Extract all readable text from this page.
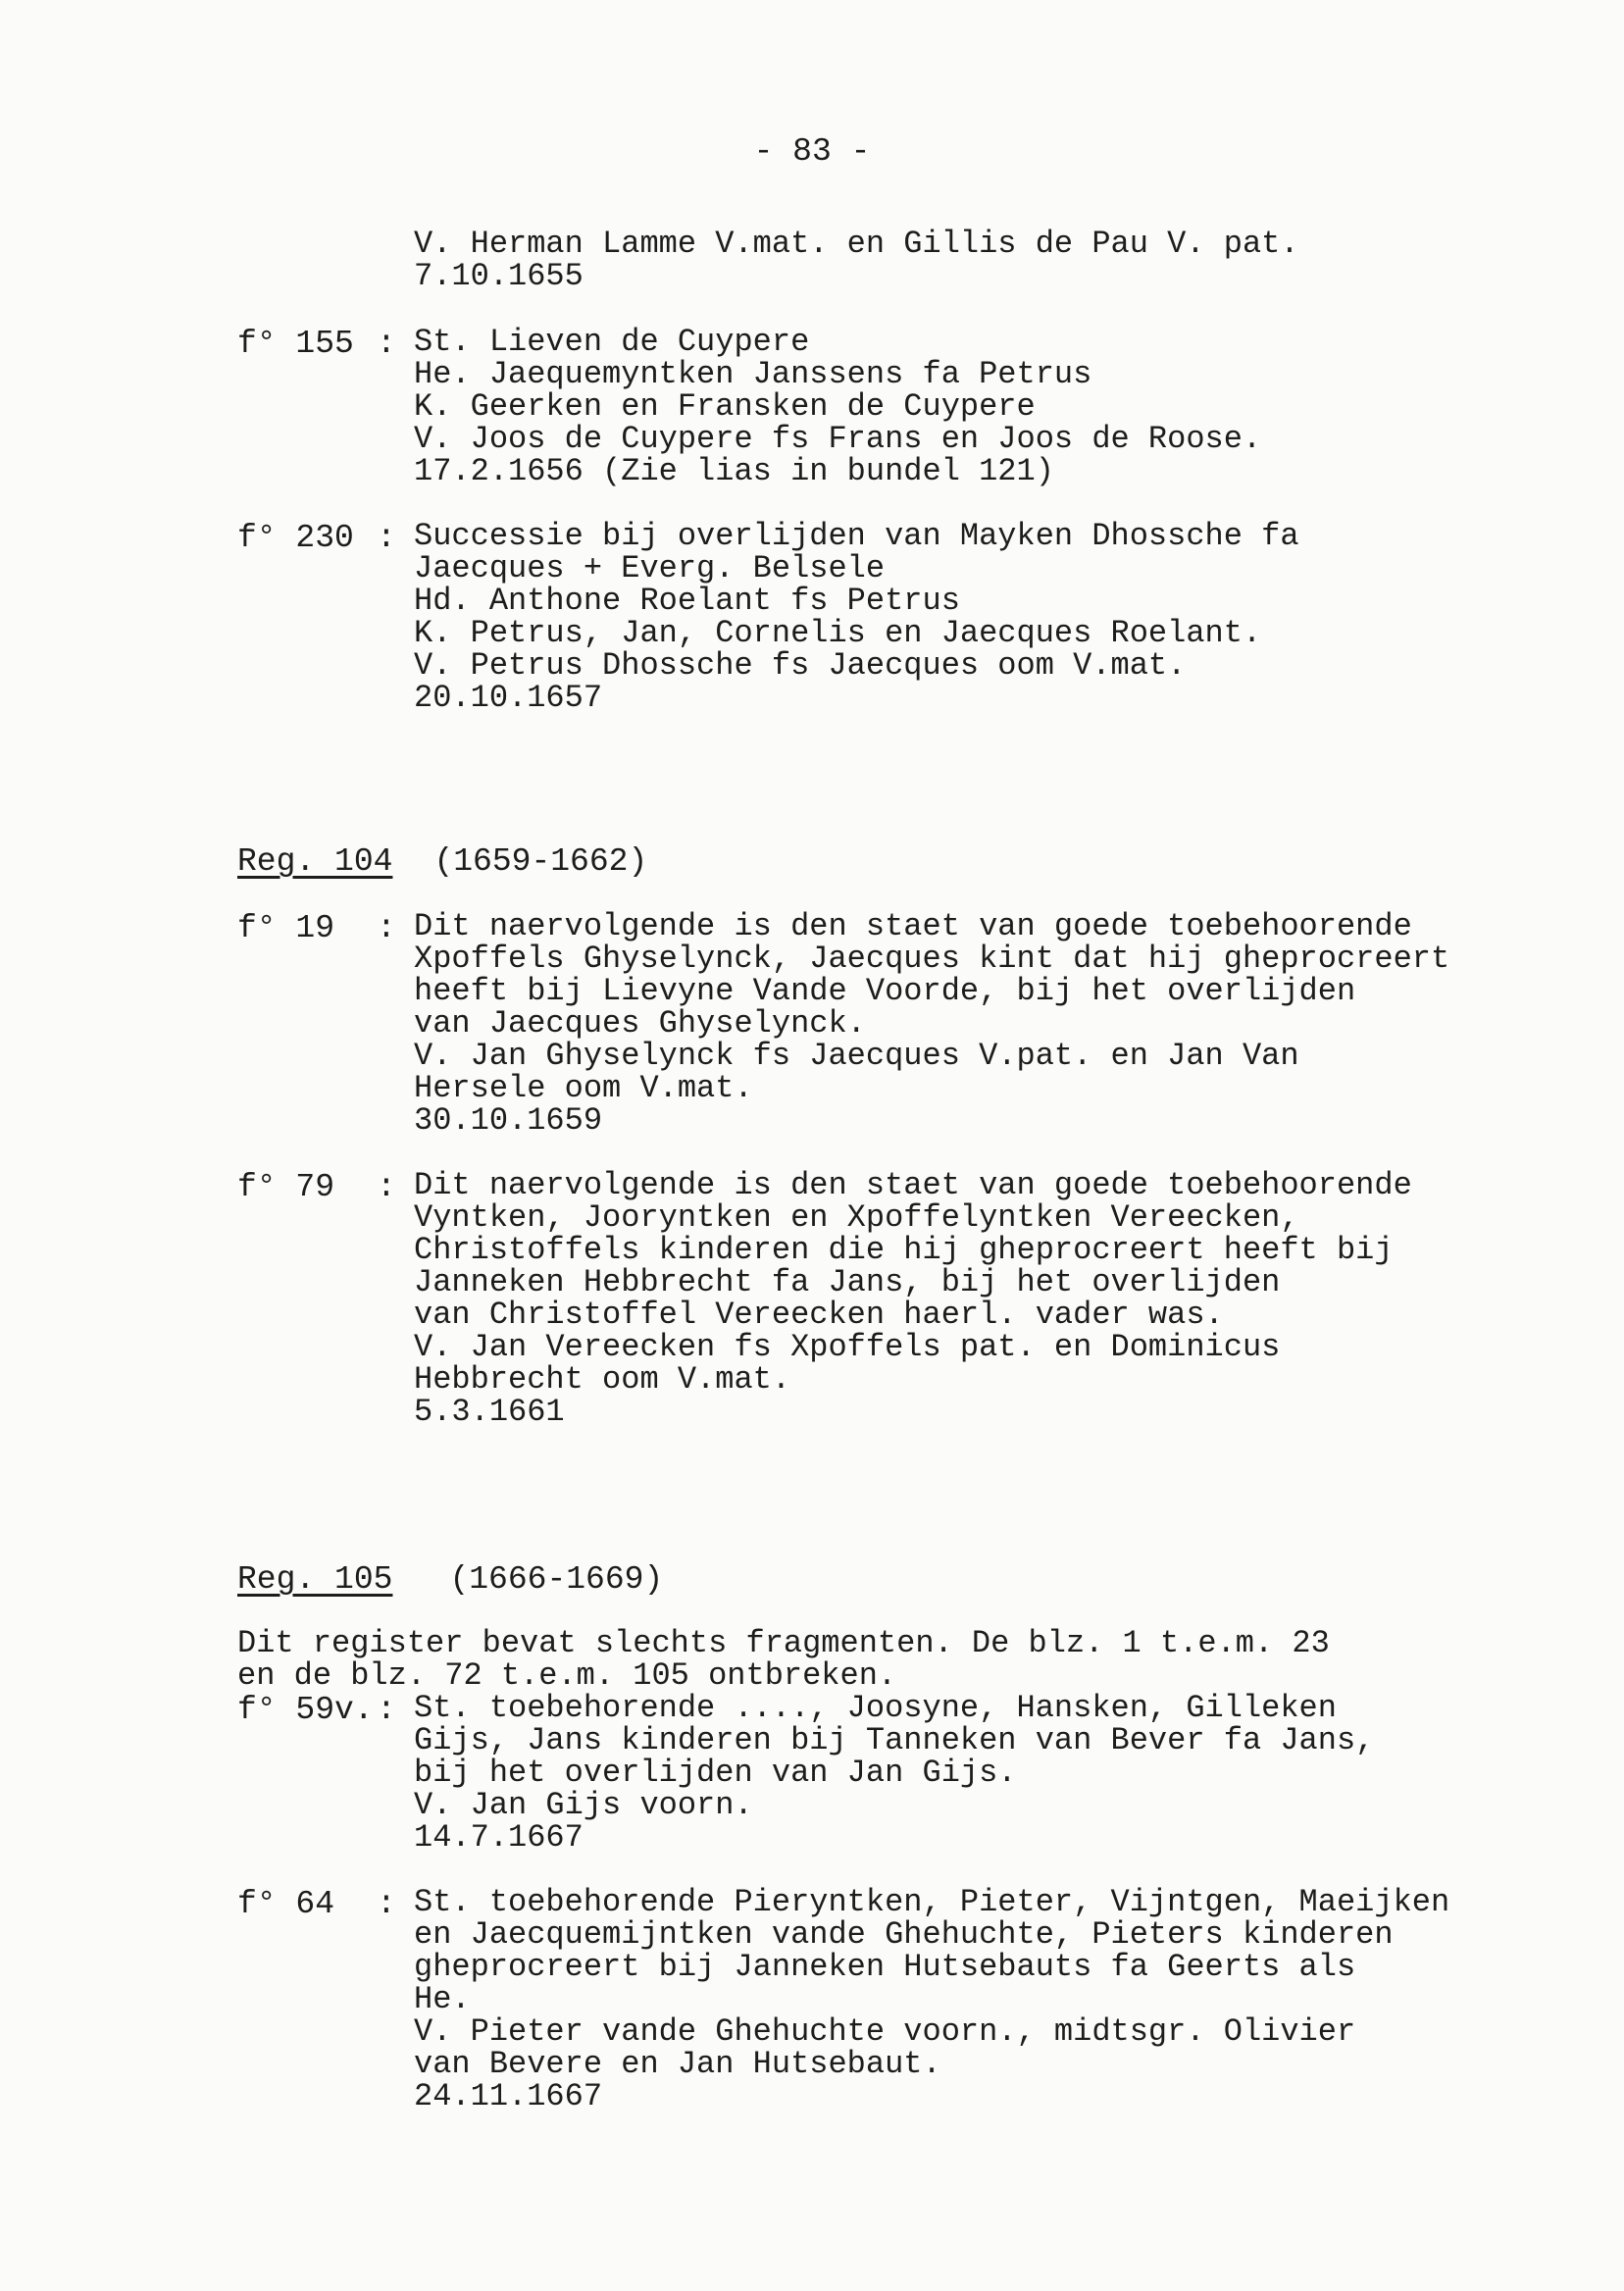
- 83 -
V. Herman Lamme V.mat. en Gillis de Pau V. pat.
7.10.1655
f° 155 : St. Lieven de Cuypere
He. Jaequemyntken Janssens fa Petrus
K. Geerken en Fransken de Cuypere
V. Joos de Cuypere fs Frans en Joos de Roose.
17.2.1656 (Zie lias in bundel 121)
f° 230 : Successie bij overlijden van Mayken Dhossche fa
Jaecques + Everg. Belsele
Hd. Anthone Roelant fs Petrus
K. Petrus, Jan, Cornelis en Jaecques Roelant.
V. Petrus Dhossche fs Jaecques oom V.mat.
20.10.1657
Reg. 104 (1659-1662)
f° 19	: Dit naervolgende is den staet van goede toebehoorende
Xpoffels Ghyselynck, Jaecques kint dat hij gheprocreert
heeft bij Lievyne Vande Voorde, bij het overlijden
van Jaecques Ghyselynck.
V. Jan Ghyselynck fs Jaecques V.pat. en Jan Van
Hersele oom V.mat.
30.10.1659
f° 79	: Dit naervolgende is den staet van goede toebehoorende
Vyntken, Jooryntken en Xpoffelyntken Vereecken,
Christoffels kinderen die hij gheprocreert heeft bij
Janneken Hebbrecht fa Jans, bij het overlijden
van Christoffel Vereecken haerl. vader was.
V. Jan Vereecken fs Xpoffels pat. en Dominicus
Hebbrecht oom V.mat.
5.3.1661
Reg. 105 (1666-1669)
Dit register bevat slechts fragmenten. De blz. 1 t.e.m. 23
en de blz. 72 t.e.m. 105 ontbreken.
f° 59v. : St. toebehorende ...., Joosyne, Hansken, Gilleken
Gijs, Jans kinderen bij Tanneken van Bever fa Jans,
bij het overlijden van Jan Gijs.
V. Jan Gijs voorn.
14.7.1667
f° 64	: St. toebehorende Pieryntken, Pieter, Vijntgen, Maeijken
en Jaecquemijntken vande Ghehuchte, Pieters kinderen
gheprocreert bij Janneken Hutsebauts fa Geerts als
He.
V. Pieter vande Ghehuchte voorn., midtsgr. Olivier
van Bevere en Jan Hutsebaut.
24.11.1667
